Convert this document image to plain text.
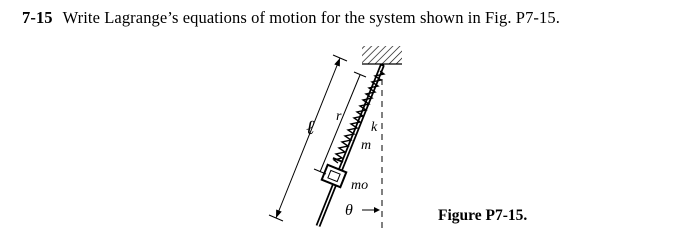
7-15 Write Lagrange’s equations of motion for the system shown in Fig. P7-15.
ℓ
r
k
m
mo
θ	Figure P7-15.
